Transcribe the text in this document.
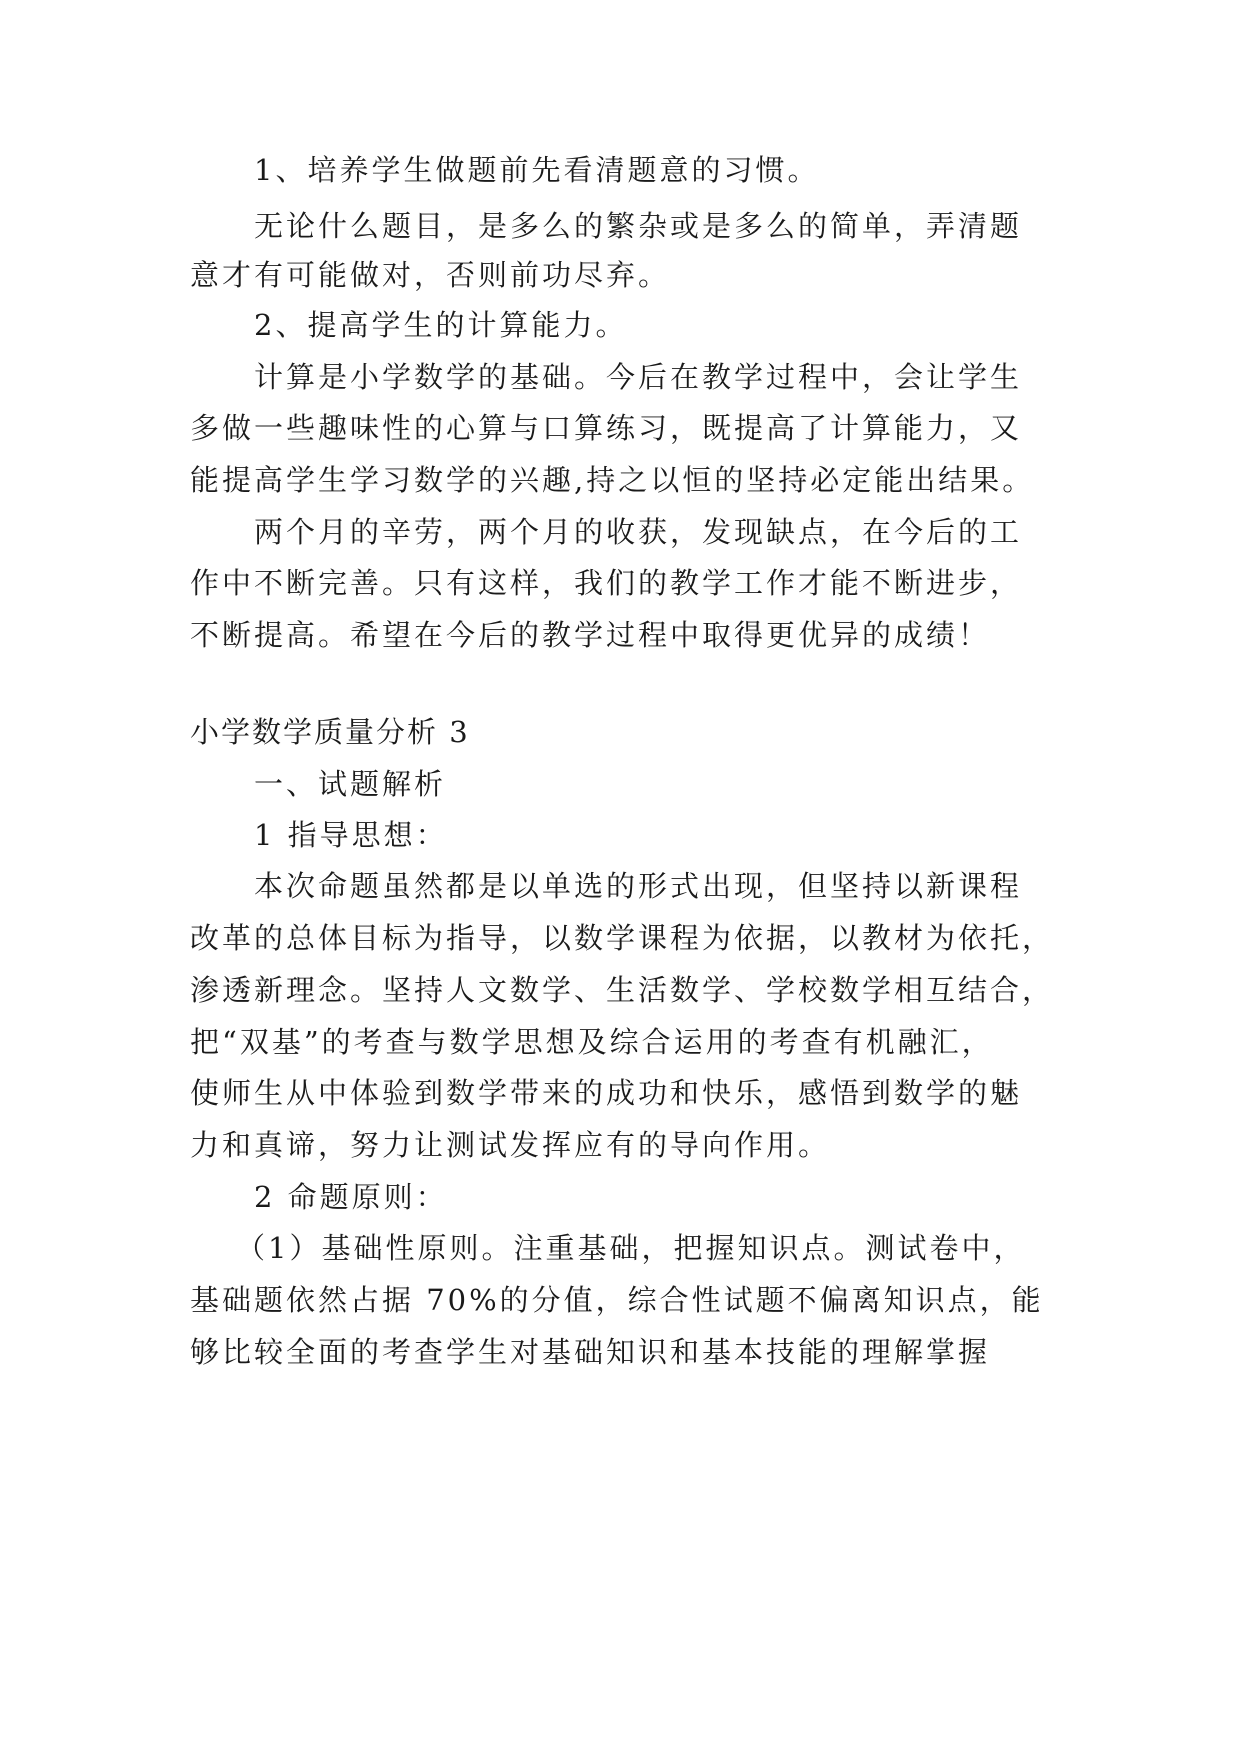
1、培养学生做题前先看清题意的习惯。
无论什么题目，是多么的繁杂或是多么的简单，弄清题
意才有可能做对，否则前功尽弃。
2、提高学生的计算能力。
计算是小学数学的基础。今后在教学过程中，会让学生
多做一些趣味性的心算与口算练习，既提高了计算能力，又
能提高学生学习数学的兴趣,持之以恒的坚持必定能出结果。
两个月的辛劳，两个月的收获，发现缺点，在今后的工
作中不断完善。只有这样，我们的教学工作才能不断进步，
不断提高。希望在今后的教学过程中取得更优异的成绩！
小学数学质量分析 3
一、试题解析
1 指导思想：
本次命题虽然都是以单选的形式出现，但坚持以新课程
改革的总体目标为指导，以数学课程为依据，以教材为依托，
渗透新理念。坚持人文数学、生活数学、学校数学相互结合，
把“双基”的考查与数学思想及综合运用的考查有机融汇，
使师生从中体验到数学带来的成功和快乐，感悟到数学的魅
力和真谛，努力让测试发挥应有的导向作用。
2 命题原则：
（1）基础性原则。注重基础，把握知识点。测试卷中，
基础题依然占据 70%的分值，综合性试题不偏离知识点，能
够比较全面的考查学生对基础知识和基本技能的理解掌握
